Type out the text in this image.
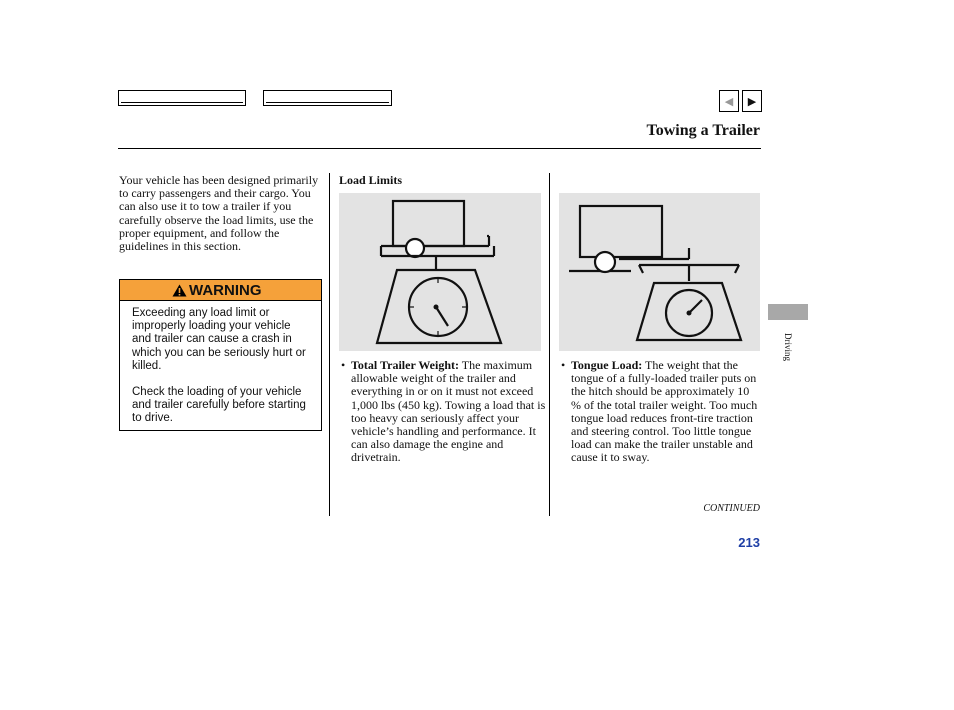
◀ ▶
Towing a Trailer
Your vehicle has been designed primarily to carry passengers and their cargo. You can also use it to tow a trailer if you carefully observe the load limits, use the proper equipment, and follow the guidelines in this section.
WARNING

Exceeding any load limit or improperly loading your vehicle and trailer can cause a crash in which you can be seriously hurt or killed.

Check the loading of your vehicle and trailer carefully before starting to drive.

Load Limits
• Total Trailer Weight: The maximum allowable weight of the trailer and everything in or on it must not exceed 1,000 lbs (450 kg). Towing a load that is too heavy can seriously affect your vehicle’s handling and performance. It can also damage the engine and drivetrain.
• Tongue Load: The weight that the tongue of a fully-loaded trailer puts on the hitch should be approximately 10 % of the total trailer weight. Too much tongue load reduces front-tire traction and steering control. Too little tongue load can make the trailer unstable and cause it to sway.
Driving
CONTINUED
213
